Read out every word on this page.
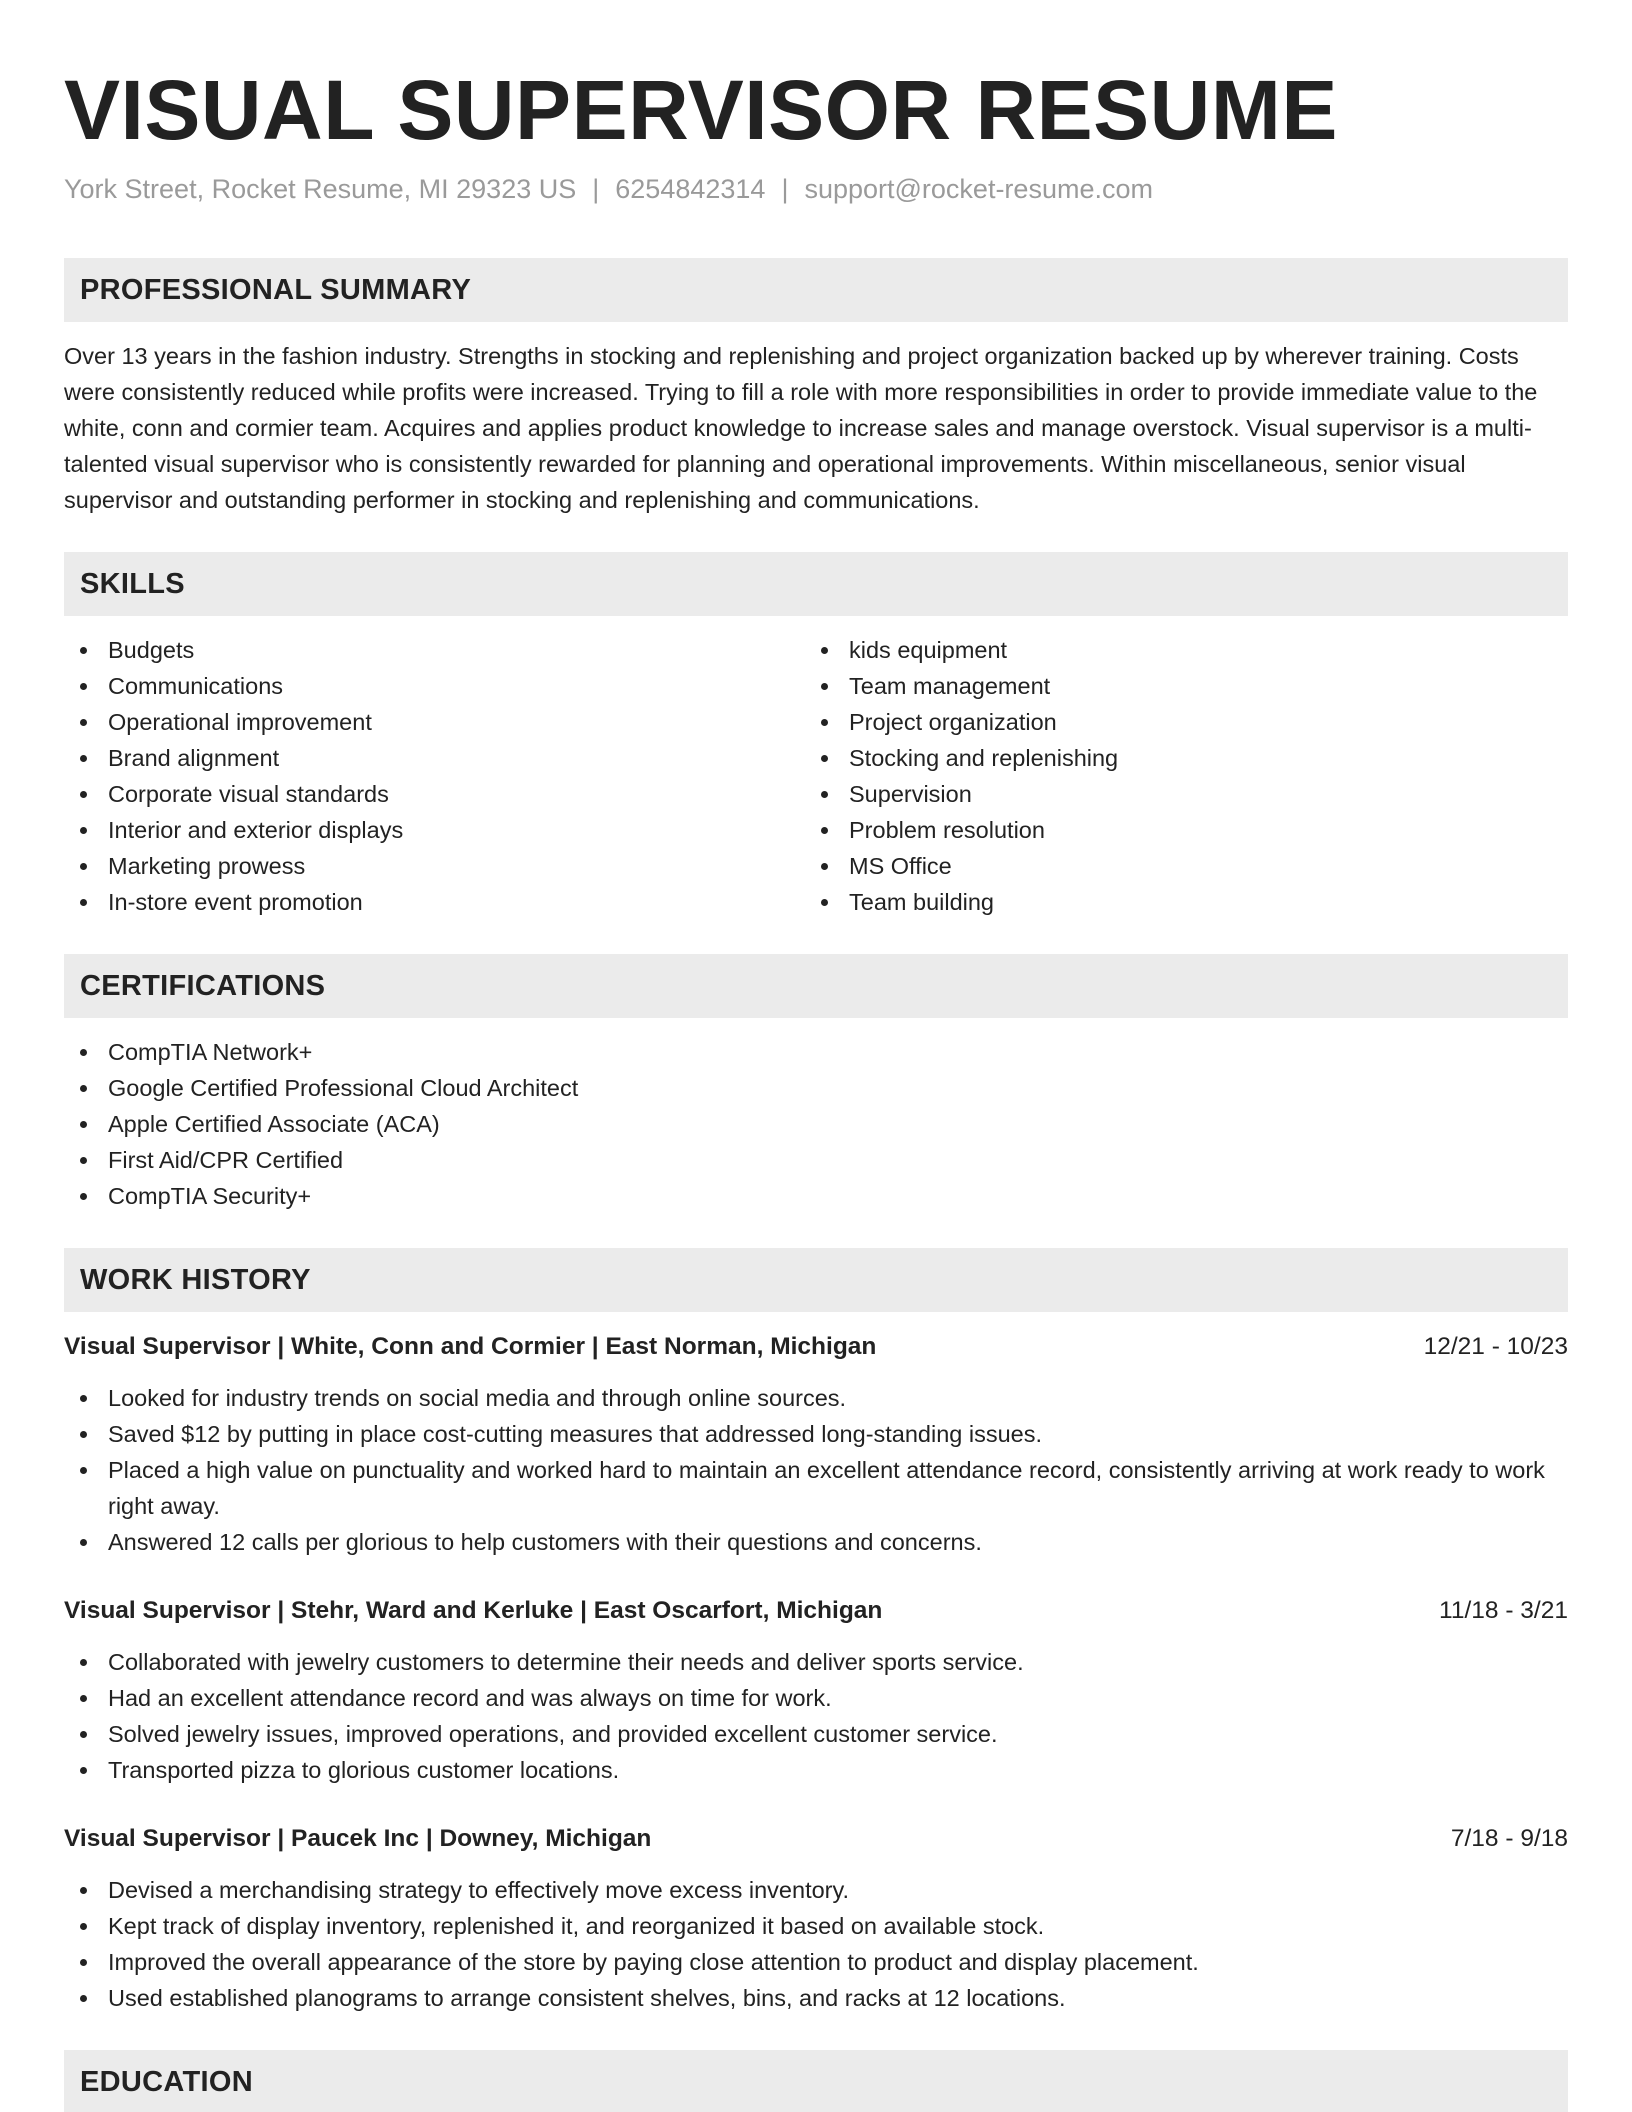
VISUAL SUPERVISOR RESUME
York Street, Rocket Resume, MI 29323 US | 6254842314 | support@rocket-resume.com
PROFESSIONAL SUMMARY

Over 13 years in the fashion industry. Strengths in stocking and replenishing and project organization backed up by wherever training. Costs were consistently reduced while profits were increased. Trying to fill a role with more responsibilities in order to provide immediate value to the white, conn and cormier team. Acquires and applies product knowledge to increase sales and manage overstock. Visual supervisor is a multi-talented visual supervisor who is consistently rewarded for planning and operational improvements. Within miscellaneous, senior visual supervisor and outstanding performer in stocking and replenishing and communications.

SKILLS
Budgets
Communications
Operational improvement
Brand alignment
Corporate visual standards
Interior and exterior displays
Marketing prowess
In-store event promotion
kids equipment
Team management
Project organization
Stocking and replenishing
Supervision
Problem resolution
MS Office
Team building
CERTIFICATIONS
CompTIA Network+
Google Certified Professional Cloud Architect
Apple Certified Associate (ACA)
First Aid/CPR Certified
CompTIA Security+
WORK HISTORY
Visual Supervisor | White, Conn and Cormier | East Norman, Michigan	12/21 - 10/23
Looked for industry trends on social media and through online sources.
Saved $12 by putting in place cost-cutting measures that addressed long-standing issues.
Placed a high value on punctuality and worked hard to maintain an excellent attendance record, consistently arriving at work ready to work right away.
Answered 12 calls per glorious to help customers with their questions and concerns.
Visual Supervisor | Stehr, Ward and Kerluke | East Oscarfort, Michigan	11/18 - 3/21
Collaborated with jewelry customers to determine their needs and deliver sports service.
Had an excellent attendance record and was always on time for work.
Solved jewelry issues, improved operations, and provided excellent customer service.
Transported pizza to glorious customer locations.
Visual Supervisor | Paucek Inc | Downey, Michigan	7/18 - 9/18
Devised a merchandising strategy to effectively move excess inventory.
Kept track of display inventory, replenished it, and reorganized it based on available stock.
Improved the overall appearance of the store by paying close attention to product and display placement.
Used established planograms to arrange consistent shelves, bins, and racks at 12 locations.
EDUCATION
